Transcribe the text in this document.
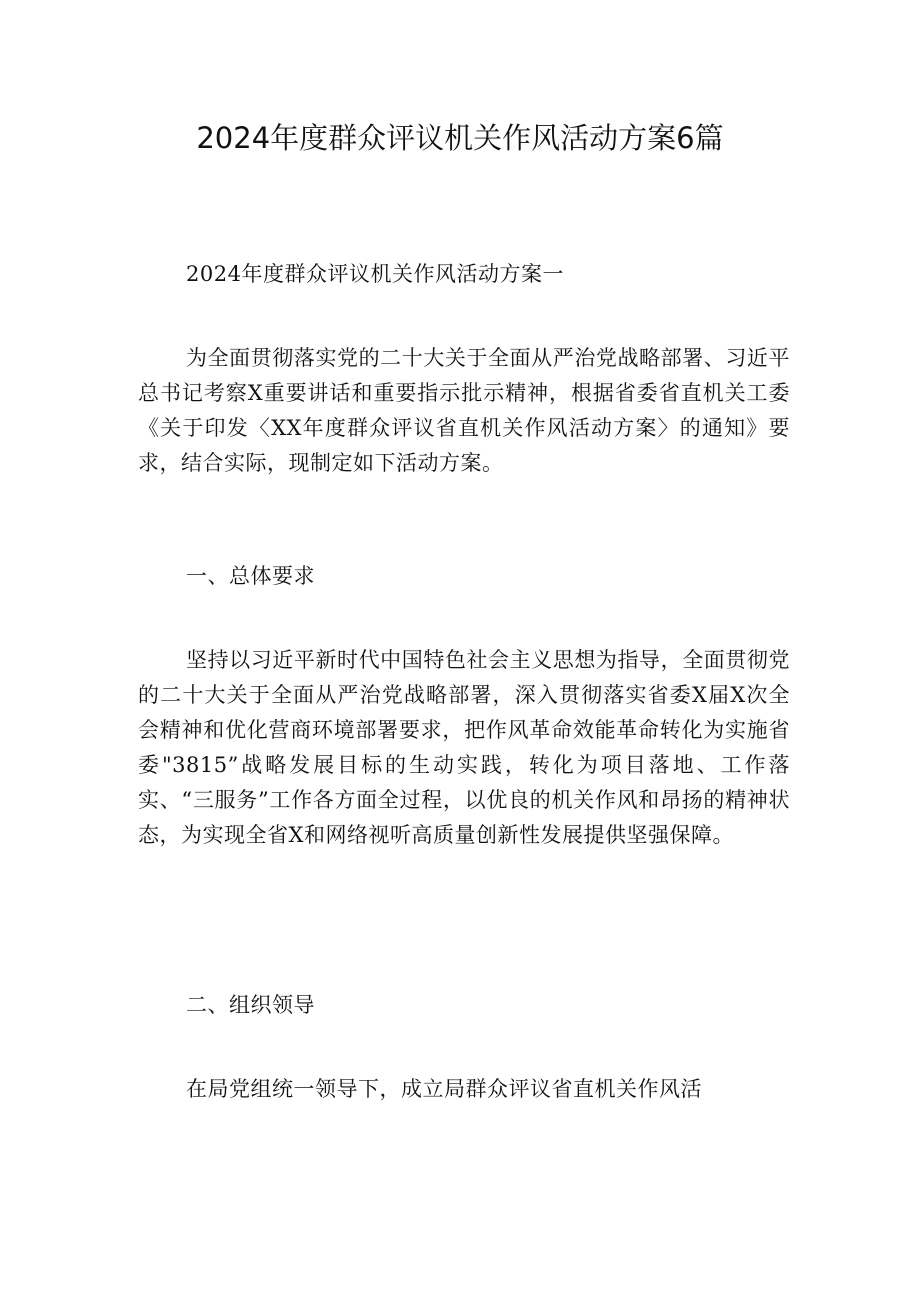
2024年度群众评议机关作风活动方案6篇

2024年度群众评议机关作风活动方案一

为全面贯彻落实党的二十大关于全面从严治党战略部署、习近平总书记考察X重要讲话和重要指示批示精神，根据省委省直机关工委《关于印发〈XX年度群众评议省直机关作风活动方案〉的通知》要求，结合实际，现制定如下活动方案。

一、总体要求

坚持以习近平新时代中国特色社会主义思想为指导，全面贯彻党的二十大关于全面从严治党战略部署，深入贯彻落实省委X届X次全会精神和优化营商环境部署要求，把作风革命效能革命转化为实施省委"3815”战略发展目标的生动实践，转化为项目落地、工作落实、“三服务”工作各方面全过程，以优良的机关作风和昂扬的精神状态，为实现全省X和网络视听高质量创新性发展提供坚强保障。

二、组织领导

在局党组统一领导下，成立局群众评议省直机关作风活
